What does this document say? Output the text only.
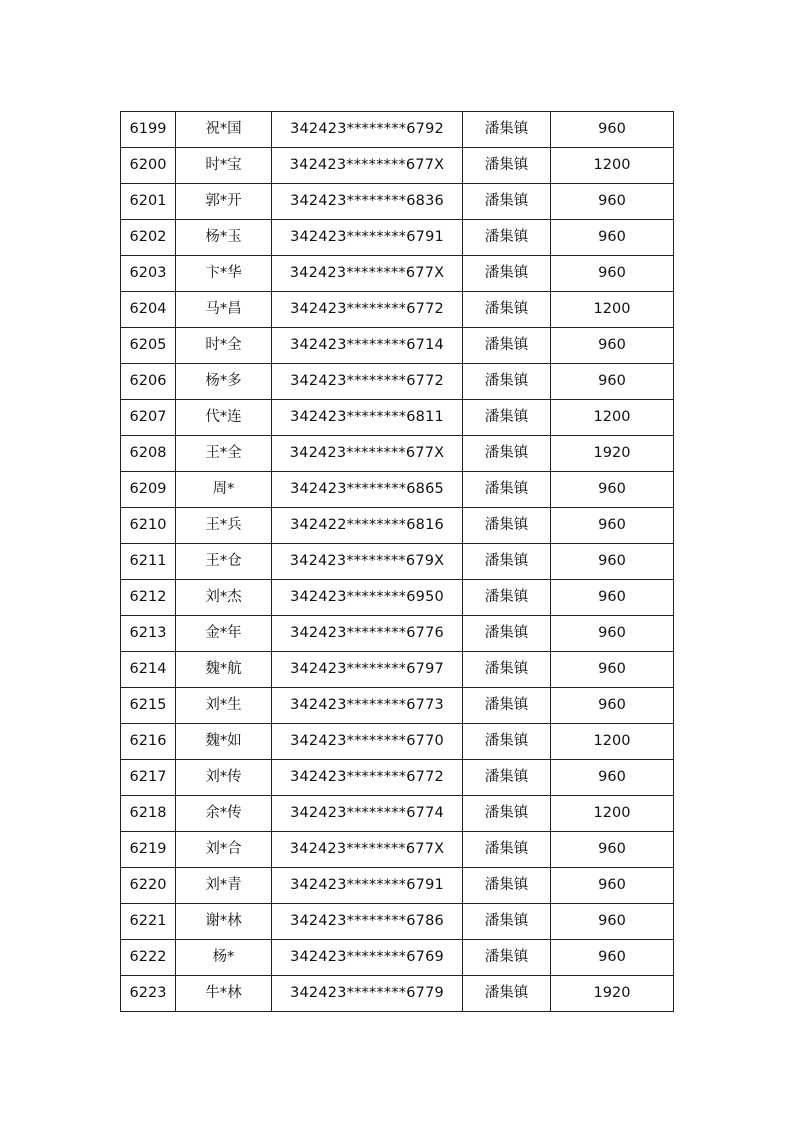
6199	祝*国	342423********6792	潘集镇	960
6200	时*宝	342423********677X	潘集镇	1200
6201	郭*开	342423********6836	潘集镇	960
6202	杨*玉	342423********6791	潘集镇	960
6203	卞*华	342423********677X	潘集镇	960
6204	马*昌	342423********6772	潘集镇	1200
6205	时*全	342423********6714	潘集镇	960
6206	杨*多	342423********6772	潘集镇	960
6207	代*连	342423********6811	潘集镇	1200
6208	王*全	342423********677X	潘集镇	1920
6209	周*	342423********6865	潘集镇	960
6210	王*兵	342422********6816	潘集镇	960
6211	王*仓	342423********679X	潘集镇	960
6212	刘*杰	342423********6950	潘集镇	960
6213	金*年	342423********6776	潘集镇	960
6214	魏*航	342423********6797	潘集镇	960
6215	刘*生	342423********6773	潘集镇	960
6216	魏*如	342423********6770	潘集镇	1200
6217	刘*传	342423********6772	潘集镇	960
6218	余*传	342423********6774	潘集镇	1200
6219	刘*合	342423********677X	潘集镇	960
6220	刘*青	342423********6791	潘集镇	960
6221	谢*林	342423********6786	潘集镇	960
6222	杨*	342423********6769	潘集镇	960
6223	牛*林	342423********6779	潘集镇	1920
